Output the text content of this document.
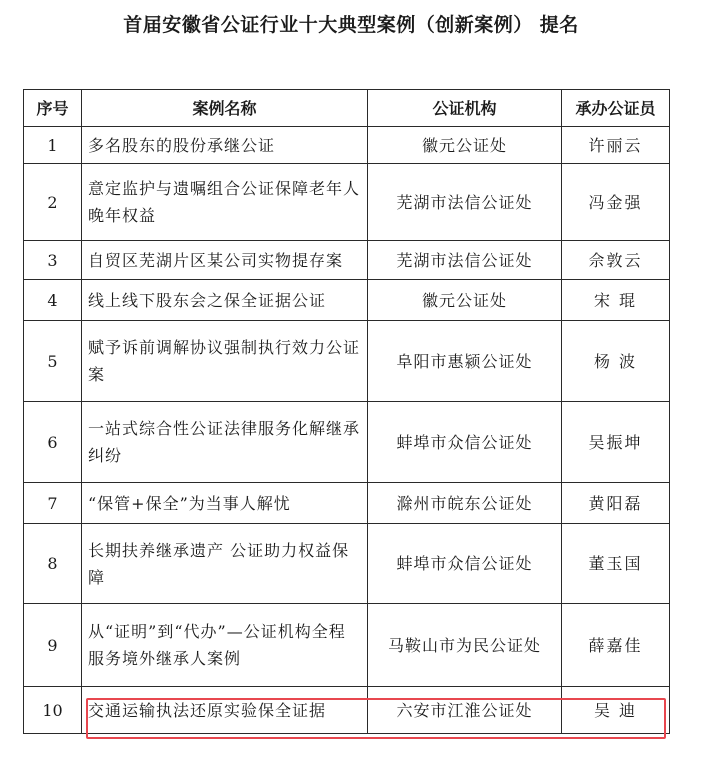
首届安徽省公证行业十大典型案例（创新案例） 提名
序号	案例名称	公证机构	承办公证员
1	多名股东的股份承继公证	徽元公证处	许丽云
2	意定监护与遗嘱组合公证保障老年人晚年权益	芜湖市法信公证处	冯金强
3	自贸区芜湖片区某公司实物提存案	芜湖市法信公证处	佘敦云
4	线上线下股东会之保全证据公证	徽元公证处	宋 琨
5	赋予诉前调解协议强制执行效力公证案	阜阳市惠颍公证处	杨 波
6	一站式综合性公证法律服务化解继承纠纷	蚌埠市众信公证处	吴振坤
7	“保管+保全”为当事人解忧	滁州市皖东公证处	黄阳磊
8	长期扶养继承遗产 公证助力权益保障	蚌埠市众信公证处	董玉国
9	从“证明”到“代办”—公证机构全程服务境外继承人案例	马鞍山市为民公证处	薛嘉佳
10	交通运输执法还原实验保全证据	六安市江淮公证处	吴 迪
